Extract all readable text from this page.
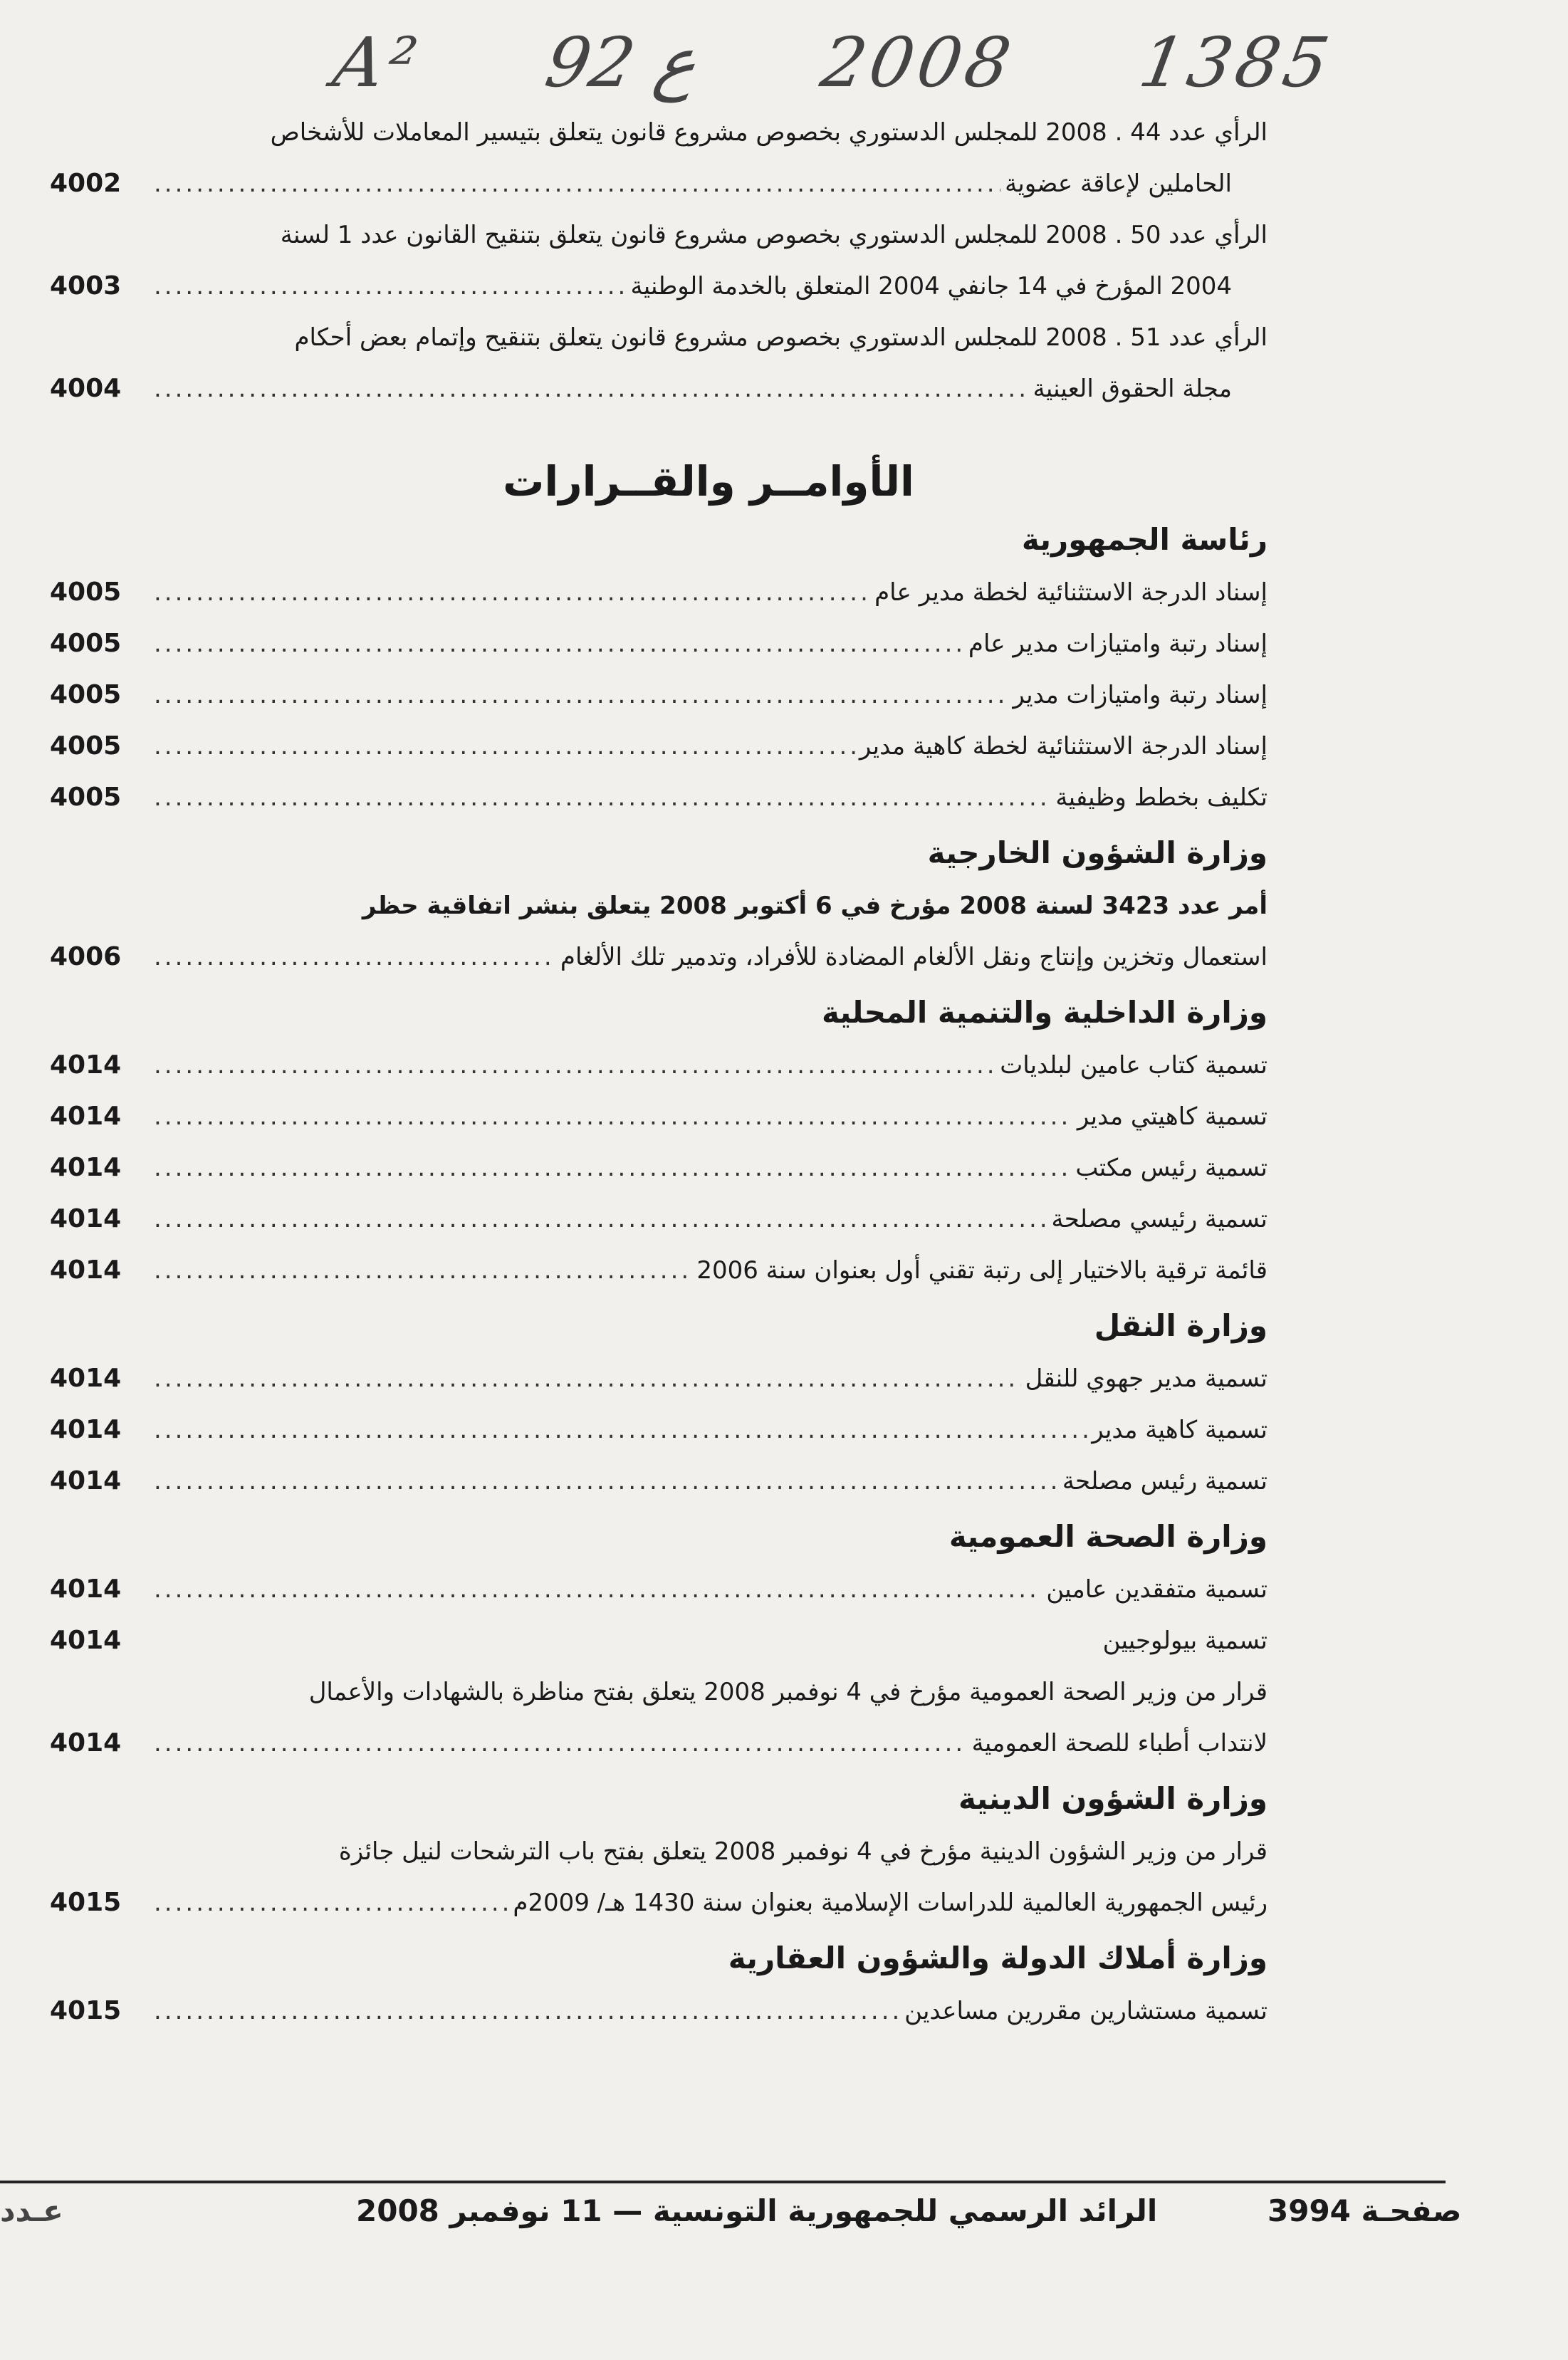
A² 92 ع 2008 1385
الرأي عدد 44 . 2008 للمجلس الدستوري بخصوص مشروع قانون يتعلق بتيسير المعاملات للأشخاص
الحاملين لإعاقة عضوية
.....
4002
الرأي عدد 50 . 2008 للمجلس الدستوري بخصوص مشروع قانون يتعلق بتنقيح القانون عدد 1 لسنة
2004 المؤرخ في 14 جانفي 2004 المتعلق بالخدمة الوطنية
.....
4003
الرأي عدد 51 . 2008 للمجلس الدستوري بخصوص مشروع قانون يتعلق بتنقيح وإتمام بعض أحكام
مجلة الحقوق العينية
.....
4004
الأوامــر والقــرارات
رئاسة الجمهورية
إسناد الدرجة الاستثنائية لخطة مدير عام
.....
4005
إسناد رتبة وامتيازات مدير عام
.....
4005
إسناد رتبة وامتيازات مدير
.....
4005
إسناد الدرجة الاستثنائية لخطة كاهية مدير
.....
4005
تكليف بخطط وظيفية
.....
4005
وزارة الشؤون الخارجية
أمر عدد 3423 لسنة 2008 مؤرخ في 6 أكتوبر 2008 يتعلق بنشر اتفاقية حظر
استعمال وتخزين وإنتاج ونقل الألغام المضادة للأفراد، وتدمير تلك الألغام
.....
4006
وزارة الداخلية والتنمية المحلية
تسمية كتاب عامين لبلديات
.....
4014
تسمية كاهيتي مدير
.....
4014
تسمية رئيس مكتب
.....
4014
تسمية رئيسي مصلحة
.....
4014
قائمة ترقية بالاختيار إلى رتبة تقني أول بعنوان سنة 2006
.....
4014
وزارة النقل
تسمية مدير جهوي للنقل
.....
4014
تسمية كاهية مدير
.....
4014
تسمية رئيس مصلحة
.....
4014
وزارة الصحة العمومية
تسمية متفقدين عامين
.....
4014
تسمية بيولوجيين
4014
قرار من وزير الصحة العمومية مؤرخ في 4 نوفمبر 2008 يتعلق بفتح مناظرة بالشهادات والأعمال
لانتداب أطباء للصحة العمومية
.....
4014
وزارة الشؤون الدينية
قرار من وزير الشؤون الدينية مؤرخ في 4 نوفمبر 2008 يتعلق بفتح باب الترشحات لنيل جائزة
رئيس الجمهورية العالمية للدراسات الإسلامية بعنوان سنة 1430 هـ/ 2009م
.....
4015
وزارة أملاك الدولة والشؤون العقارية
تسمية مستشارين مقررين مساعدين
.....
4015
الرائد الرسمي للجمهورية التونسية — 11 نوفمبر 2008	صفحـة 3994
عـدد
